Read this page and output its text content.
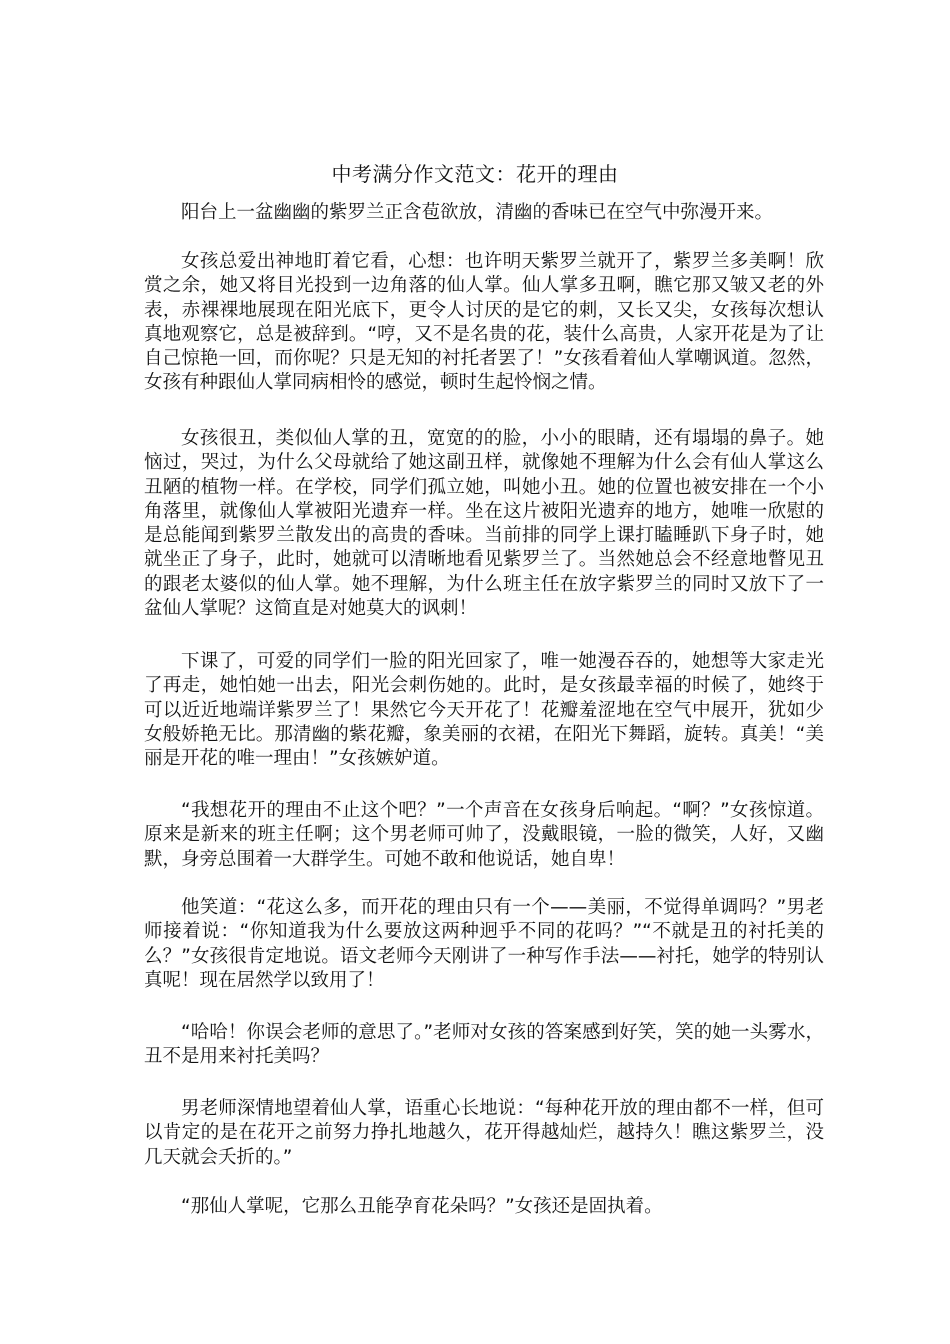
中考满分作文范文：花开的理由

阳台上一盆幽幽的紫罗兰正含苞欲放，清幽的香味已在空气中弥漫开来。

女孩总爱出神地盯着它看，心想：也许明天紫罗兰就开了，紫罗兰多美啊！欣赏之余，她又将目光投到一边角落的仙人掌。仙人掌多丑啊，瞧它那又皱又老的外表，赤裸裸地展现在阳光底下，更令人讨厌的是它的刺，又长又尖，女孩每次想认真地观察它，总是被辞到。“哼，又不是名贵的花，装什么高贵，人家开花是为了让自己惊艳一回，而你呢？只是无知的衬托者罢了！”女孩看着仙人掌嘲讽道。忽然，女孩有种跟仙人掌同病相怜的感觉，顿时生起怜悯之情。

女孩很丑，类似仙人掌的丑，宽宽的的脸，小小的眼睛，还有塌塌的鼻子。她恼过，哭过，为什么父母就给了她这副丑样，就像她不理解为什么会有仙人掌这么丑陋的植物一样。在学校，同学们孤立她，叫她小丑。她的位置也被安排在一个小角落里，就像仙人掌被阳光遗弃一样。坐在这片被阳光遗弃的地方，她唯一欣慰的是总能闻到紫罗兰散发出的高贵的香味。当前排的同学上课打瞌睡趴下身子时，她就坐正了身子，此时，她就可以清晰地看见紫罗兰了。当然她总会不经意地瞥见丑的跟老太婆似的仙人掌。她不理解，为什么班主任在放字紫罗兰的同时又放下了一盆仙人掌呢？这简直是对她莫大的讽刺！

下课了，可爱的同学们一脸的阳光回家了，唯一她漫吞吞的，她想等大家走光了再走，她怕她一出去，阳光会刺伤她的。此时，是女孩最幸福的时候了，她终于可以近近地端详紫罗兰了！果然它今天开花了！花瓣羞涩地在空气中展开，犹如少女般娇艳无比。那清幽的紫花瓣，象美丽的衣裙，在阳光下舞蹈，旋转。真美！“美丽是开花的唯一理由！”女孩嫉妒道。

“我想花开的理由不止这个吧？”一个声音在女孩身后响起。“啊？”女孩惊道。原来是新来的班主任啊；这个男老师可帅了，没戴眼镜，一脸的微笑，人好，又幽默，身旁总围着一大群学生。可她不敢和他说话，她自卑！

他笑道：“花这么多，而开花的理由只有一个——美丽，不觉得单调吗？”男老师接着说：“你知道我为什么要放这两种迥乎不同的花吗？”“不就是丑的衬托美的么？”女孩很肯定地说。语文老师今天刚讲了一种写作手法——衬托，她学的特别认真呢！现在居然学以致用了！

“哈哈！你误会老师的意思了。”老师对女孩的答案感到好笑，笑的她一头雾水，丑不是用来衬托美吗？

男老师深情地望着仙人掌，语重心长地说：“每种花开放的理由都不一样，但可以肯定的是在花开之前努力挣扎地越久，花开得越灿烂，越持久！瞧这紫罗兰，没几天就会夭折的。”

“那仙人掌呢，它那么丑能孕育花朵吗？”女孩还是固执着。
